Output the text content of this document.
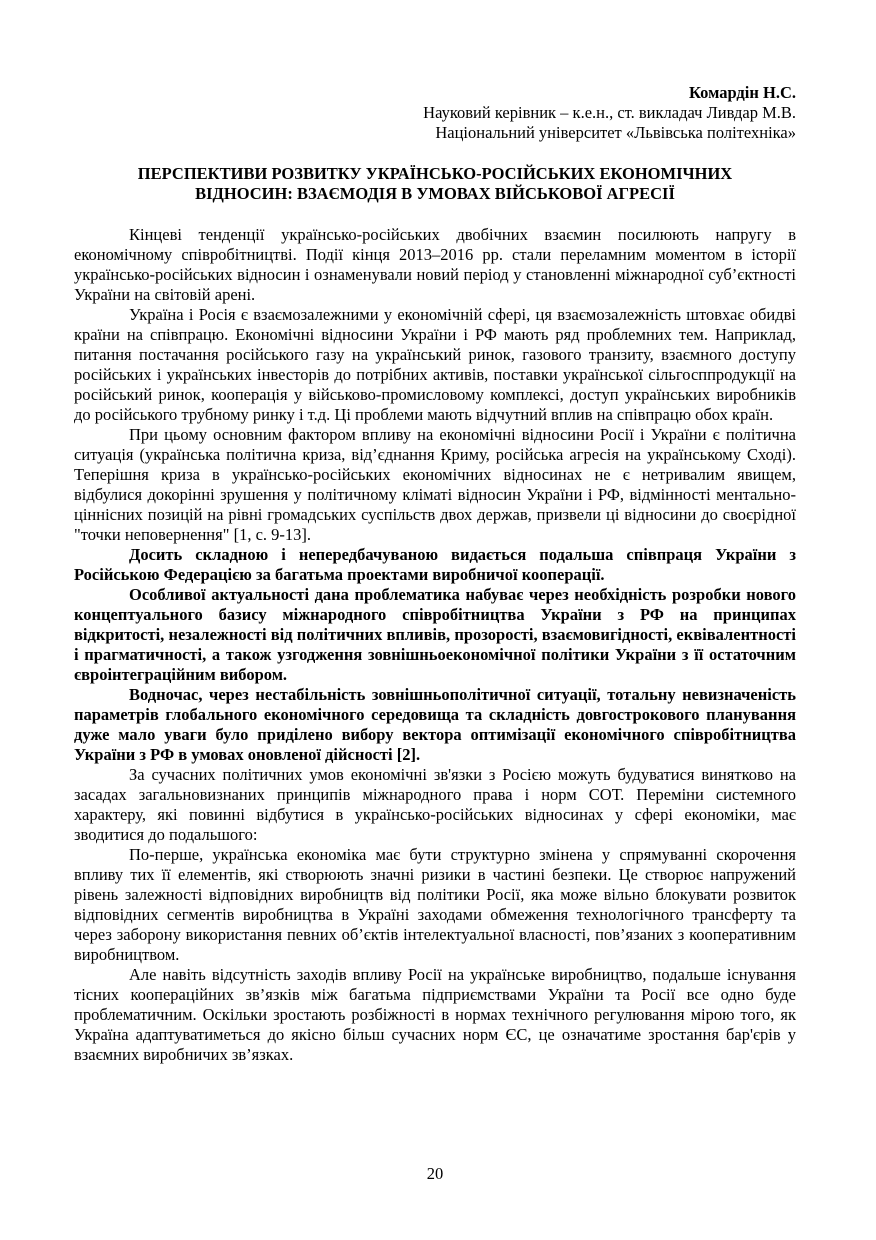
Комардін Н.С.
Науковий керівник – к.е.н., ст. викладач Ливдар М.В.
Національний університет «Львівська політехніка»
ПЕРСПЕКТИВИ РОЗВИТКУ УКРАЇНСЬКО-РОСІЙСЬКИХ ЕКОНОМІЧНИХ
ВІДНОСИН: ВЗАЄМОДІЯ В УМОВАХ ВІЙСЬКОВОЇ АГРЕСІЇ

Кінцеві тенденції українсько-російських двобічних взаємин посилюють напругу в економічному співробітництві. Події кінця 2013–2016 рр. стали переламним моментом в історії українсько-російських відносин і ознаменували новий період у становленні міжнародної суб’єктності України на світовій арені.

Україна і Росія є взаємозалежними у економічній сфері, ця взаємозалежність штовхає обидві країни на співпрацю. Економічні відносини України і РФ мають ряд проблемних тем. Наприклад, питання постачання російського газу на український ринок, газового транзиту, взаємного доступу російських і українських інвесторів до потрібних активів, поставки української сільгосппродукції на російський ринок, кооперація у військово-промисловому комплексі, доступ українських виробників до російського трубному ринку і т.д. Ці проблеми мають відчутний вплив на співпрацю обох країн.

При цьому основним фактором впливу на економічні відносини Росії і України є політична ситуація (українська політична криза, від’єднання Криму, російська агресія на українському Сході). Теперішня криза в українсько-російських економічних відносинах не є нетривалим явищем, відбулися докорінні зрушення у політичному кліматі відносин України і РФ, відмінності ментально-ціннісних позицій на рівні громадських суспільств двох держав, призвели ці відносини до своєрідної "точки неповернення" [1, с. 9-13].

Досить складною і непередбачуваною видається подальша співпраця України з Російською Федерацією за багатьма проектами виробничої кооперації.

Особливої актуальності дана проблематика набуває через необхідність розробки нового концептуального базису міжнародного співробітництва України з РФ на принципах відкритості, незалежності від політичних впливів, прозорості, взаємовигідності, еквівалентності і прагматичності, а також узгодження зовнішньоекономічної політики України з її остаточним євроінтеграційним вибором.

Водночас, через нестабільність зовнішньополітичної ситуації, тотальну невизначеність параметрів глобального економічного середовища та складність довгострокового планування дуже мало уваги було приділено вибору вектора оптимізації економічного співробітництва України з РФ в умовах оновленої дійсності [2].

За сучасних політичних умов економічні зв'язки з Росією можуть будуватися винятково на засадах загальновизнаних принципів міжнародного права і норм СОТ. Переміни системного характеру, які повинні відбутися в українсько-російських відносинах у сфері економіки, має зводитися до подальшого:

По-перше, українська економіка має бути структурно змінена у спрямуванні скорочення впливу тих її елементів, які створюють значні ризики в частині безпеки. Це створює напружений рівень залежності відповідних виробництв від політики Росії, яка може вільно блокувати розвиток відповідних сегментів виробництва в Україні заходами обмеження технологічного трансферту та через заборону використання певних об’єктів інтелектуальної власності, пов’язаних з кооперативним виробництвом.

Але навіть відсутність заходів впливу Росії на українське виробництво, подальше існування тісних коопераційних зв’язків між багатьма підприємствами України та Росії все одно буде проблематичним. Оскільки зростають розбіжності в нормах технічного регулювання мірою того, як Україна адаптуватиметься до якісно більш сучасних норм ЄС, це означатиме зростання бар'єрів у взаємних виробничих зв’язках.

20
